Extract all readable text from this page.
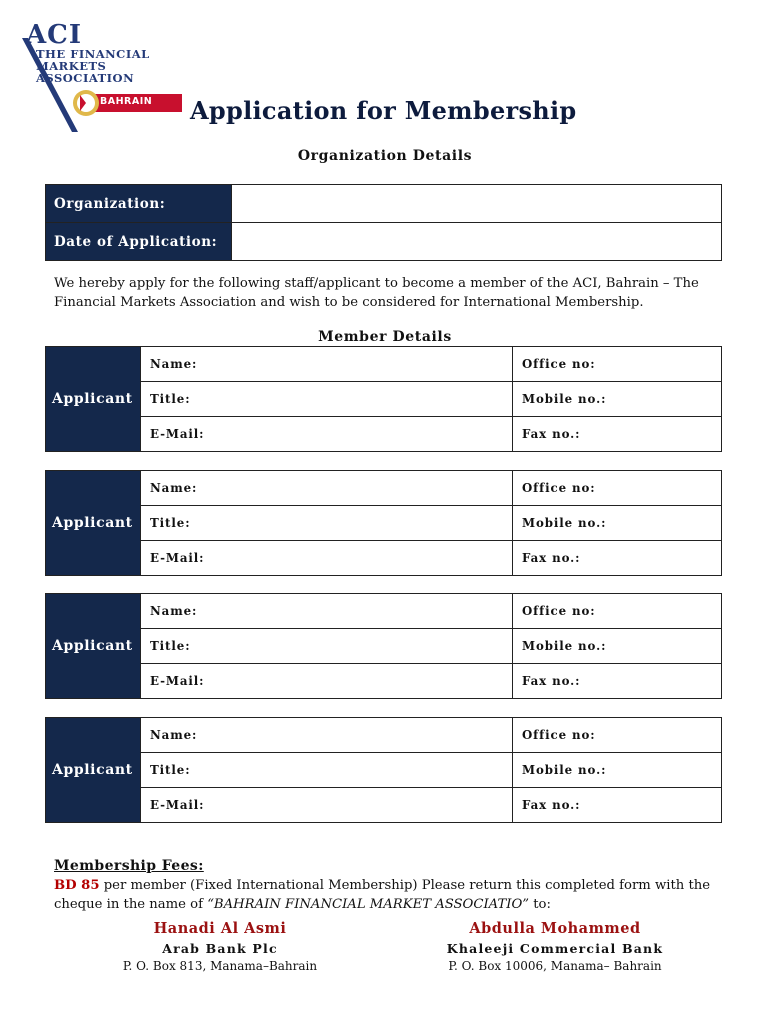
ACI
THE FINANCIAL
MARKETS
ASSOCIATION
BAHRAIN Application for Membership
Organization Details
Organization:	
Date of Application:	
We hereby apply for the following staff/applicant to become a member of the ACI, Bahrain – The Financial Markets Association and wish to be considered for International Membership.
Member Details
Applicant	Name:	Office no:
	Title:	Mobile no.:
	E-Mail:	Fax no.:
Applicant	Name:	Office no:
	Title:	Mobile no.:
	E-Mail:	Fax no.:
Applicant	Name:	Office no:
	Title:	Mobile no.:
	E-Mail:	Fax no.:
Applicant	Name:	Office no:
	Title:	Mobile no.:
	E-Mail:	Fax no.:
Membership Fees:
BD 85 per member (Fixed International Membership) Please return this completed form with the cheque in the name of “BAHRAIN FINANCIAL MARKET ASSOCIATIO” to:
Hanadi Al Asmi
Arab Bank Plc
P. O. Box 813, Manama–Bahrain
Abdulla Mohammed
Khaleeji Commercial Bank
P. O. Box 10006, Manama– Bahrain
